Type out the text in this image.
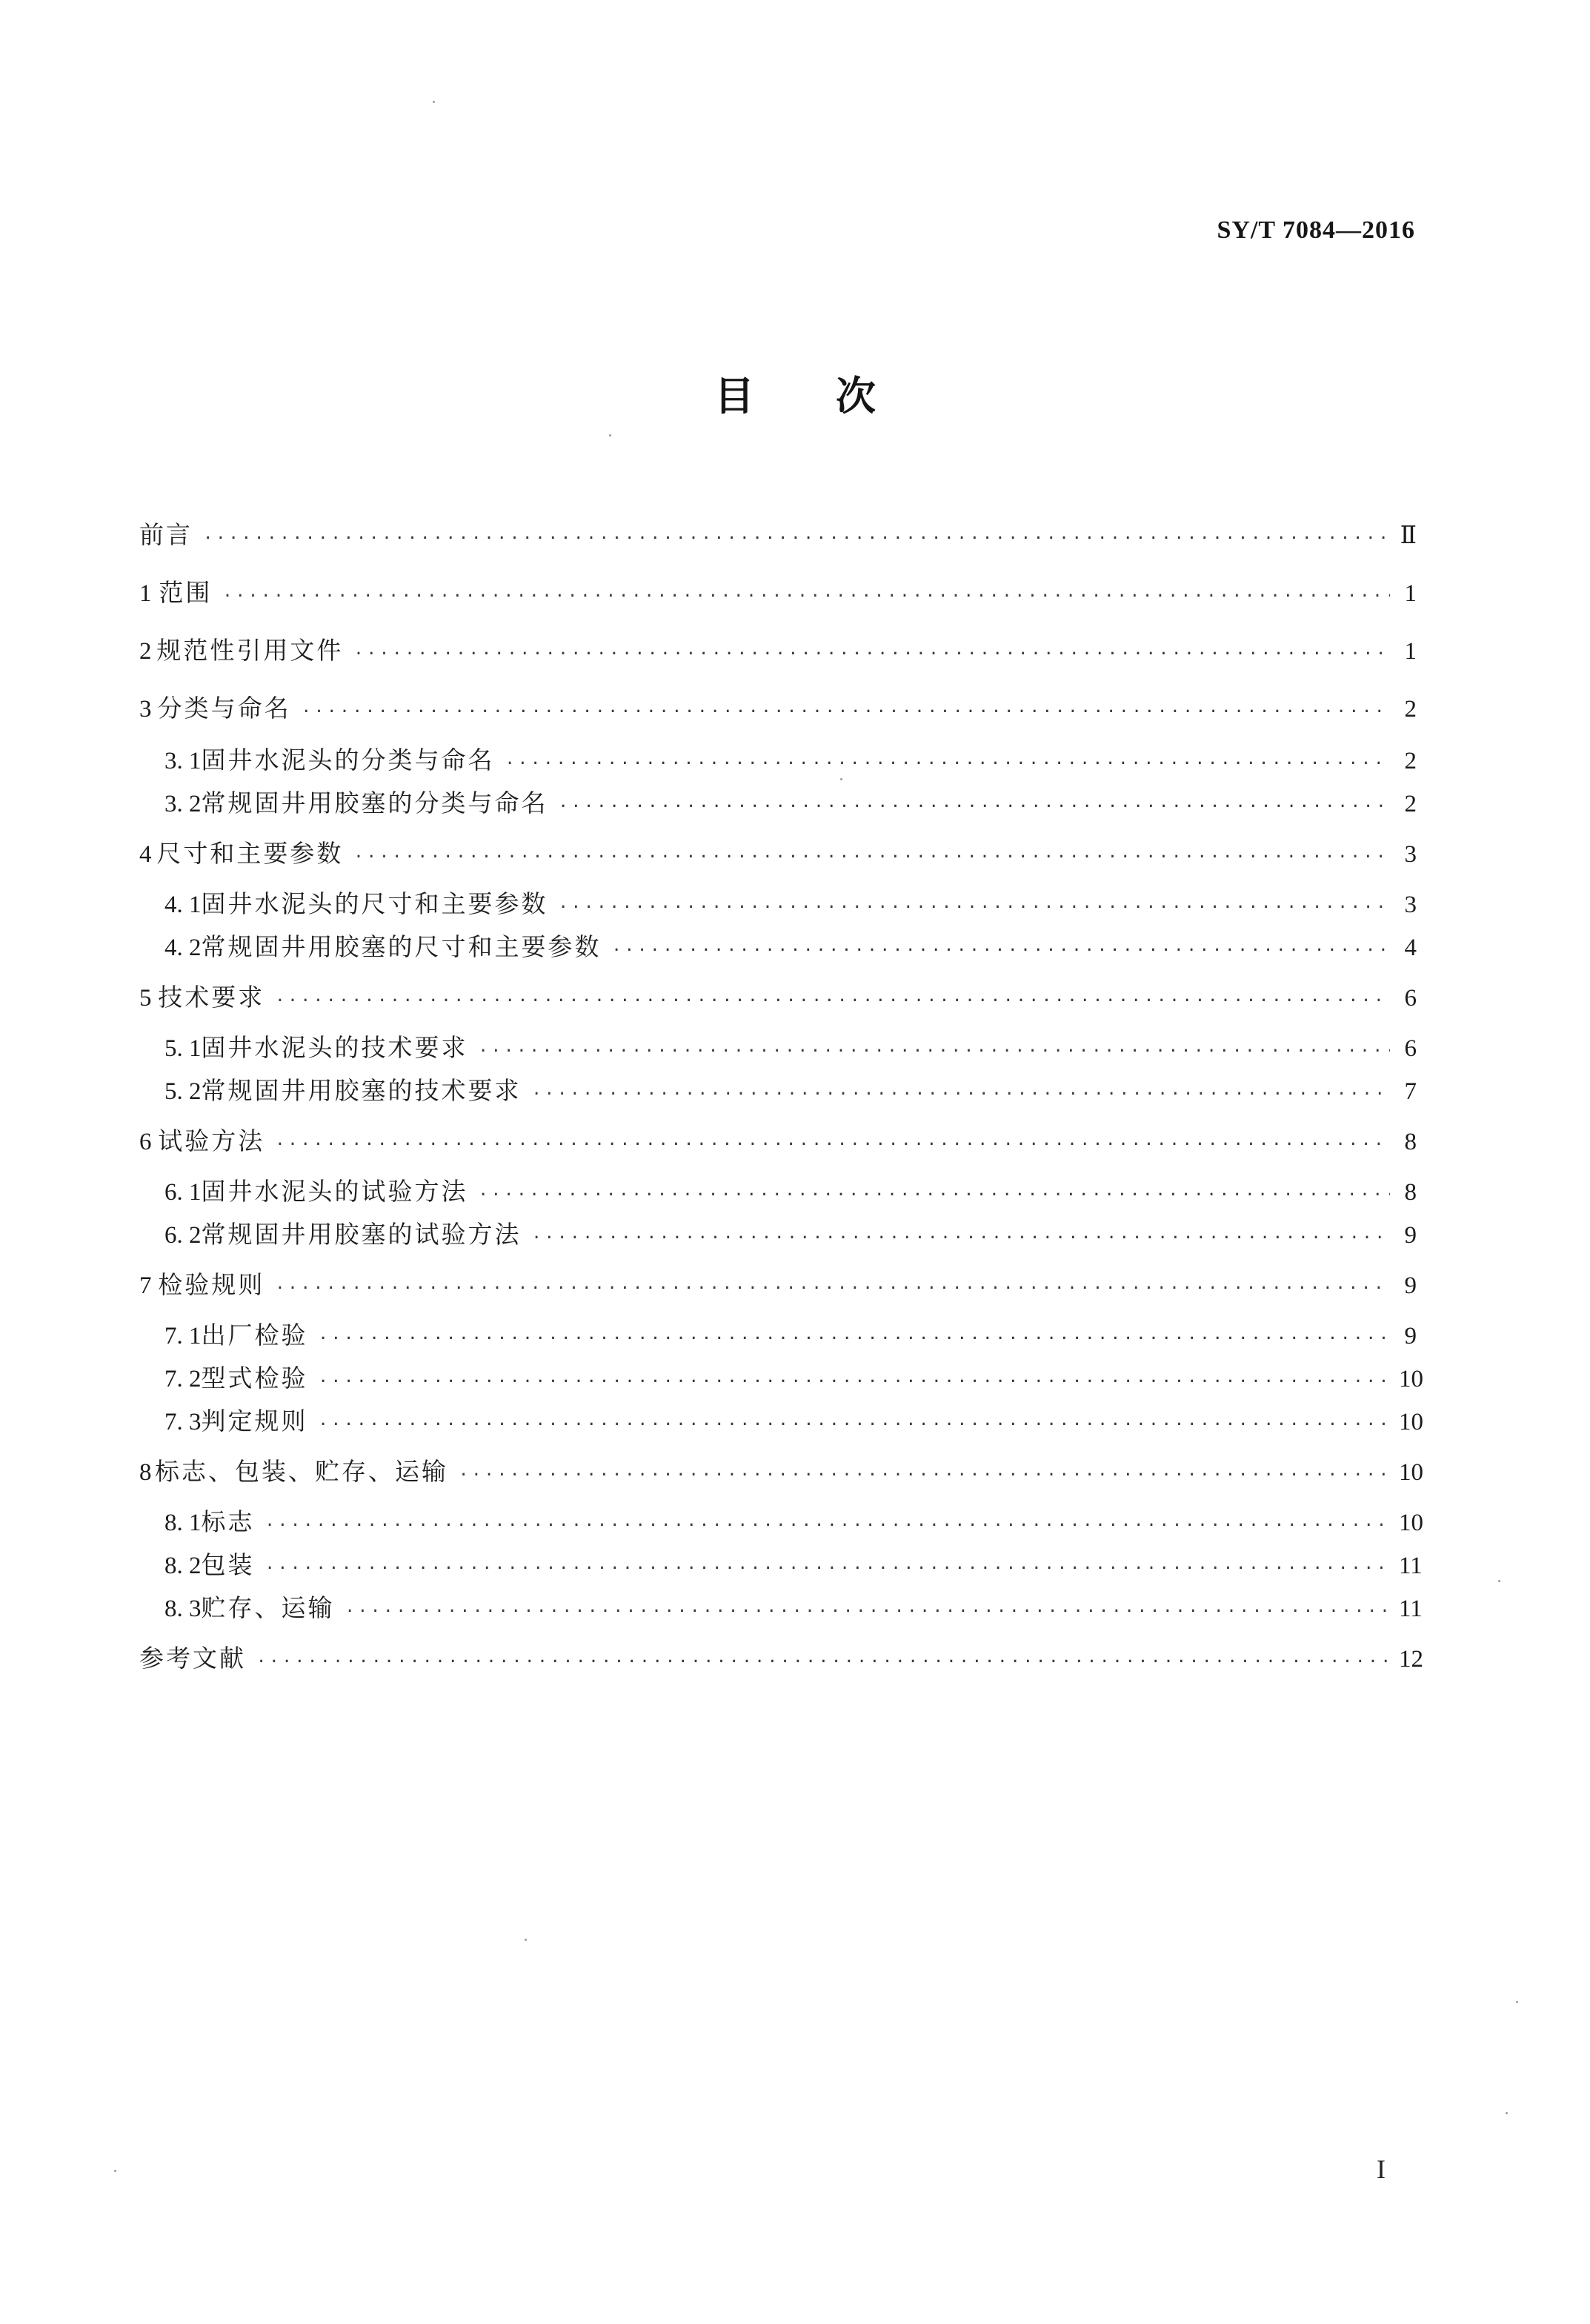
SY/T 7084—2016
目 次
前言 ·····	Ⅱ
1 范围 ·····	1
2 规范性引用文件 ·····	1
3 分类与命名 ·····	2
3. 1 固井水泥头的分类与命名 ·····	2
3. 2 常规固井用胶塞的分类与命名 ·····	2
4 尺寸和主要参数 ·····	3
4. 1 固井水泥头的尺寸和主要参数 ·····	3
4. 2 常规固井用胶塞的尺寸和主要参数 ·····	4
5 技术要求 ·····	6
5. 1 固井水泥头的技术要求 ·····	6
5. 2 常规固井用胶塞的技术要求 ·····	7
6 试验方法 ·····	8
6. 1 固井水泥头的试验方法 ·····	8
6. 2 常规固井用胶塞的试验方法 ·····	9
7 检验规则 ·····	9
7. 1 出厂检验 ·····	9
7. 2 型式检验 ·····	10
7. 3 判定规则 ·····	10
8 标志、包装、贮存、运输 ·····	10
8. 1 标志 ·····	10
8. 2 包装 ·····	11
8. 3 贮存、运输 ·····	11
参考文献 ·····	12
I
